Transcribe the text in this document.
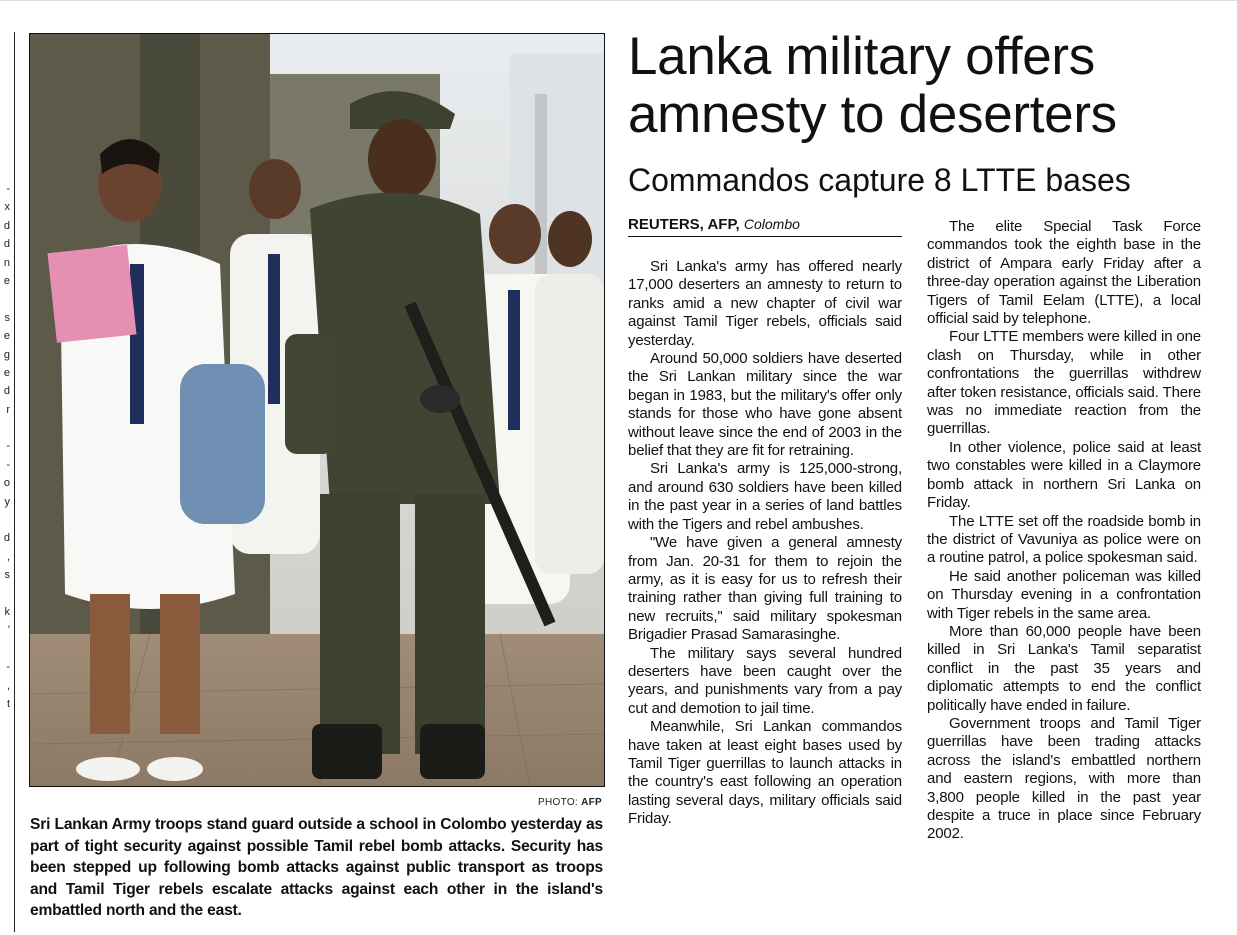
-
x
d
d
n
e
s
e
g
e
d
r
-
-
o
y
d
,
s
k
'
-
,
t
PHOTO: AFP
Sri Lankan Army troops stand guard outside a school in Colombo yesterday as part of tight security against possible Tamil rebel bomb attacks. Security has been stepped up following bomb attacks against public transport as troops and Tamil Tiger rebels escalate attacks against each other in the island's embattled north and the east.
Lanka military offers
amnesty to deserters
Commandos capture 8 LTTE bases
REUTERS, AFP, Colombo

Sri Lanka's army has offered nearly 17,000 deserters an amnesty to return to ranks amid a new chapter of civil war against Tamil Tiger rebels, officials said yesterday.

Around 50,000 soldiers have deserted the Sri Lankan military since the war began in 1983, but the military's offer only stands for those who have gone absent without leave since the end of 2003 in the belief that they are fit for retraining.

Sri Lanka's army is 125,000-strong, and around 630 soldiers have been killed in the past year in a series of land battles with the Tigers and rebel ambushes.

"We have given a general amnesty from Jan. 20-31 for them to rejoin the army, as it is easy for us to refresh their training rather than giving full training to new recruits," said military spokesman Brigadier Prasad Samarasinghe.

The military says several hundred deserters have been caught over the years, and punishments vary from a pay cut and demotion to jail time.

Meanwhile, Sri Lankan commandos have taken at least eight bases used by Tamil Tiger guerrillas to launch attacks in the country's east following an operation lasting several days, military officials said Friday.

The elite Special Task Force commandos took the eighth base in the district of Ampara early Friday after a three-day operation against the Liberation Tigers of Tamil Eelam (LTTE), a local official said by telephone.

Four LTTE members were killed in one clash on Thursday, while in other confrontations the guerrillas withdrew after token resistance, officials said. There was no immediate reaction from the guerrillas.

In other violence, police said at least two constables were killed in a Claymore bomb attack in northern Sri Lanka on Friday.

The LTTE set off the roadside bomb in the district of Vavuniya as police were on a routine patrol, a police spokesman said.

He said another policeman was killed on Thursday evening in a confrontation with Tiger rebels in the same area.

More than 60,000 people have been killed in Sri Lanka's Tamil separatist conflict in the past 35 years and diplomatic attempts to end the conflict politically have ended in failure.

Government troops and Tamil Tiger guerrillas have been trading attacks across the island's embattled northern and eastern regions, with more than 3,800 people killed in the past year despite a truce in place since February 2002.
